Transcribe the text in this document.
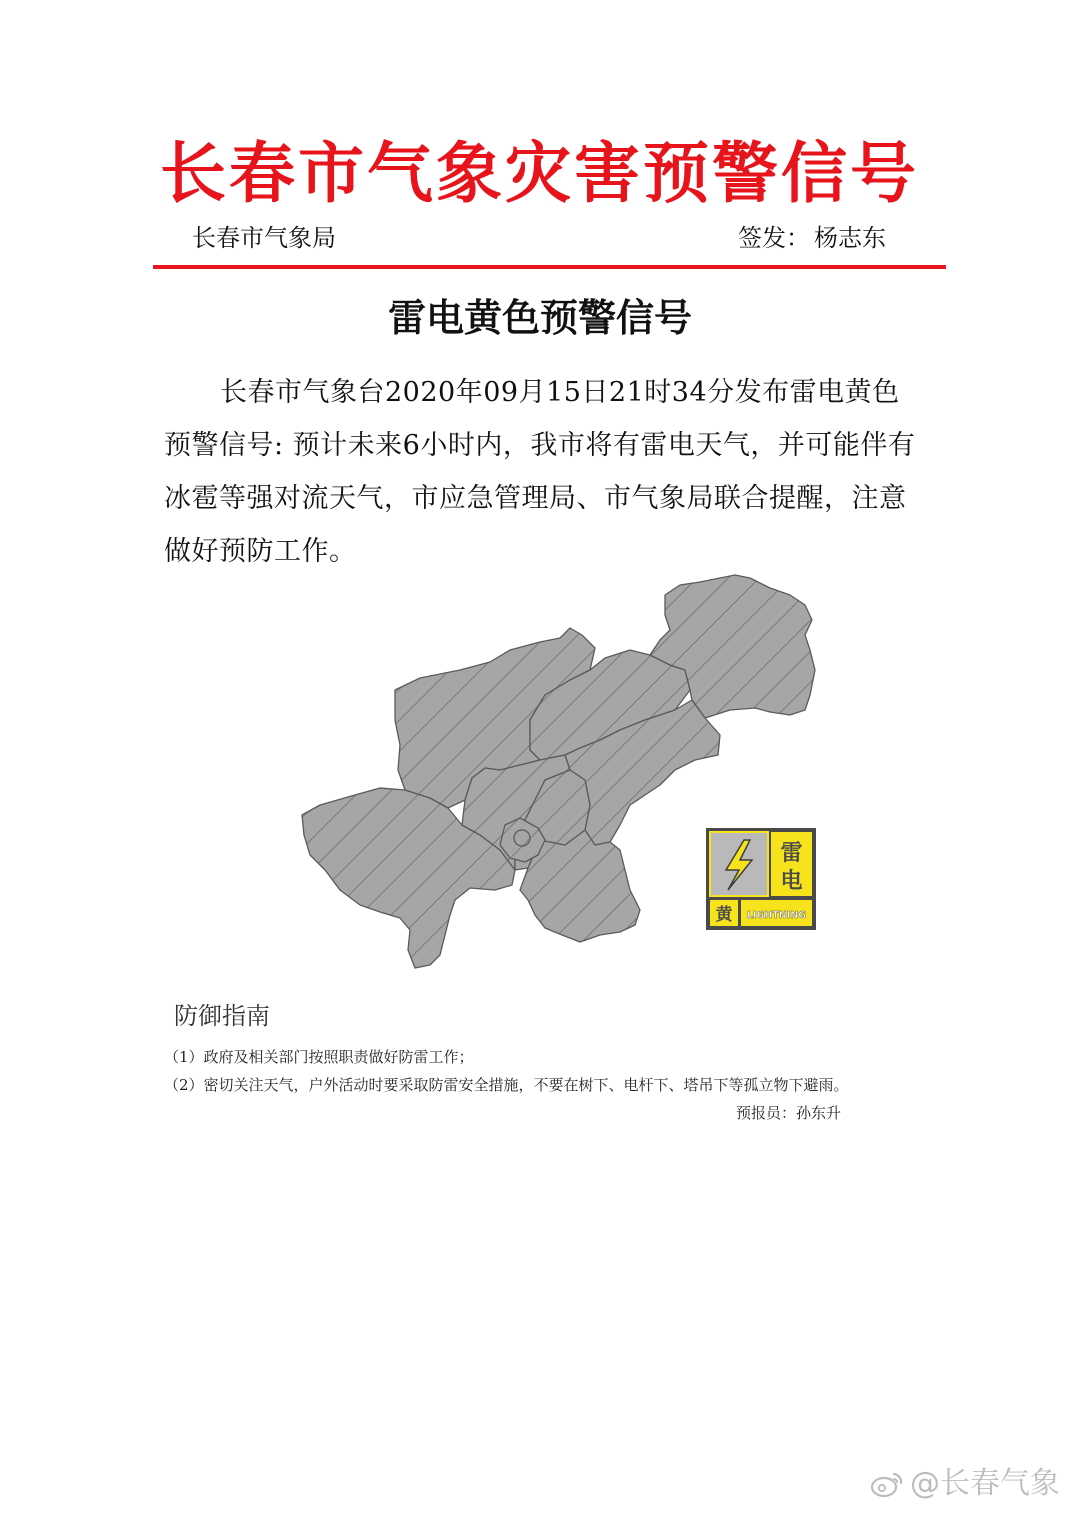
长春市气象灾害预警信号
长春市气象局	签发： 杨志东
雷电黄色预警信号

长春市气象台2020年09月15日21时34分发布雷电黄色预警信号: 预计未来6小时内，我市将有雷电天气，并可能伴有冰雹等强对流天气，市应急管理局、市气象局联合提醒，注意做好预防工作。

雷
电
黄 LIGHTNING
防御指南
（1）政府及相关部门按照职责做好防雷工作；
（2）密切关注天气，户外活动时要采取防雷安全措施，不要在树下、电杆下、塔吊下等孤立物下避雨。
预报员：孙东升
@长春气象
